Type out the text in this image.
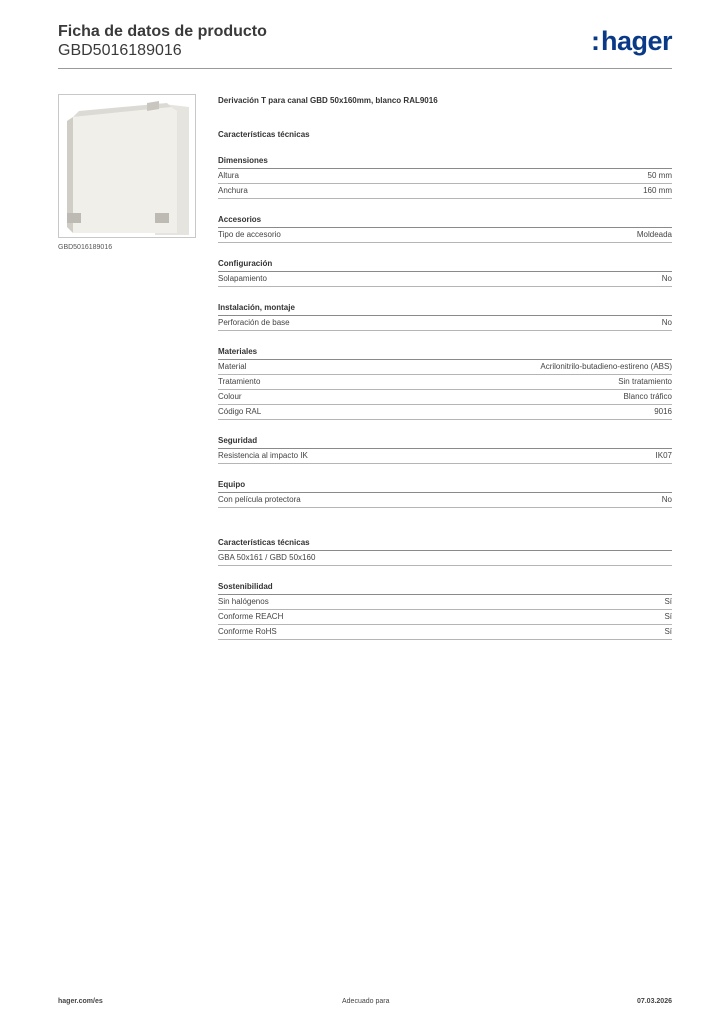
Ficha de datos de producto
GBD5016189016	:hager
GBD5016189016
Derivación T para canal GBD 50x160mm, blanco RAL9016
Características técnicas
Dimensiones
Altura	50 mm
Anchura	160 mm
Accesorios
Tipo de accesorio	Moldeada
Configuración
Solapamiento	No
Instalación, montaje
Perforación de base	No
Materiales
Material	Acrilonitrilo-butadieno-estireno (ABS)
Tratamiento	Sin tratamiento
Colour	Blanco tráfico
Código RAL	9016
Seguridad
Resistencia al impacto IK	IK07
Equipo
Con película protectora	No
Características técnicas
GBA 50x161 / GBD 50x160
Sostenibilidad
Sin halógenos	Sí
Conforme REACH	Sí
Conforme RoHS	Sí
hager.com/es	Adecuado para	07.03.2026
